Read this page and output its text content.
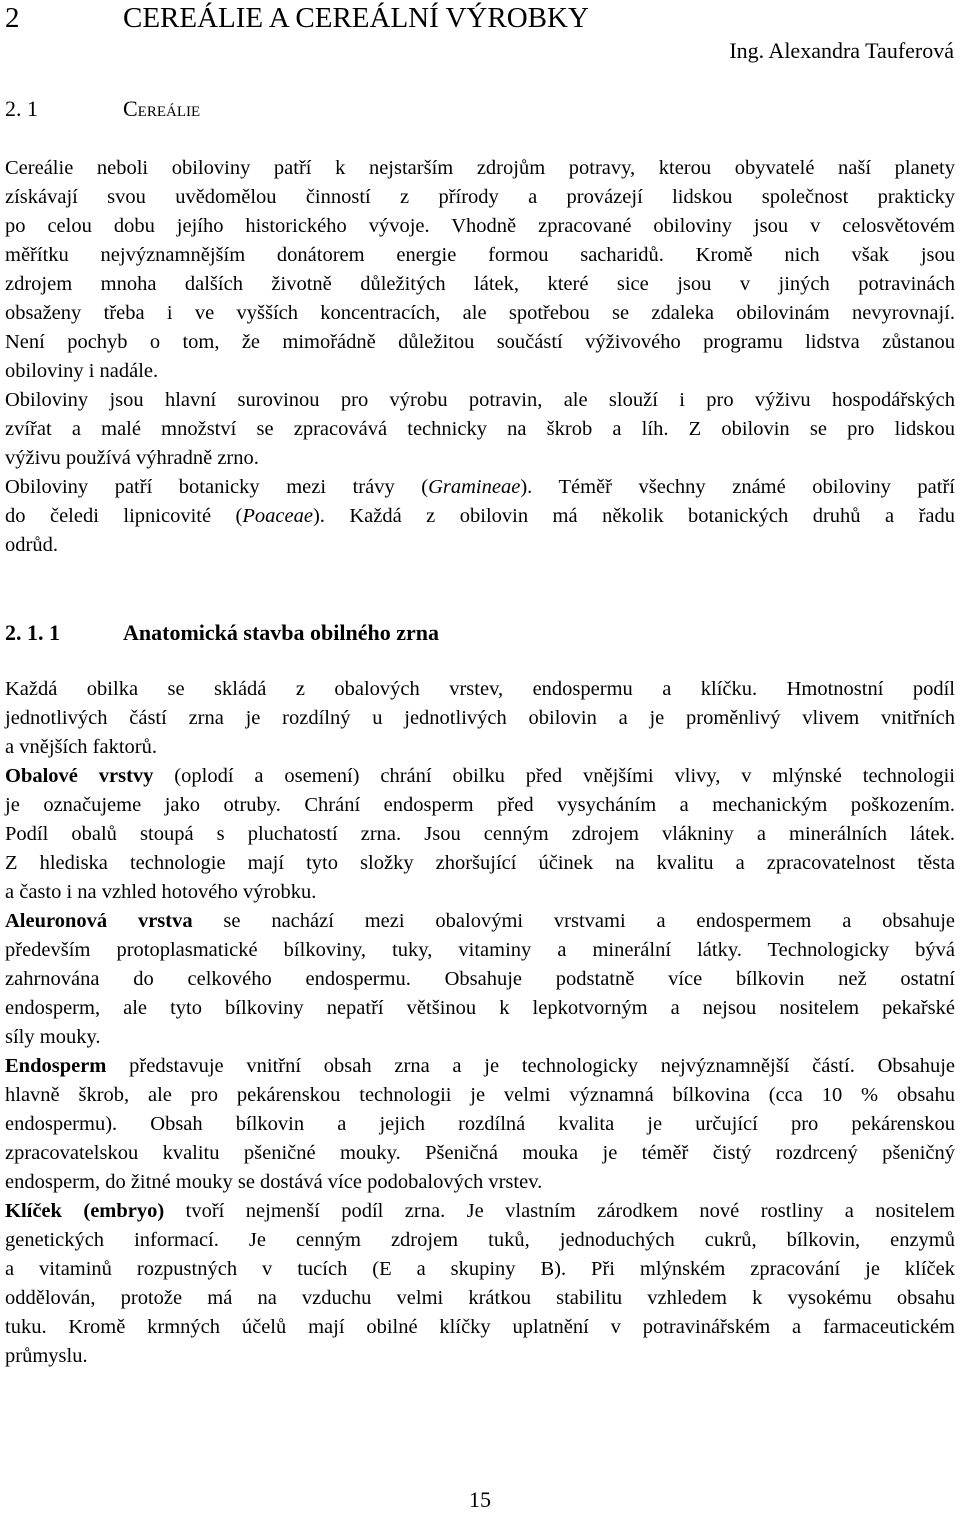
2	CEREÁLIE A CEREÁLNÍ VÝROBKY
Ing. Alexandra Tauferová
2. 1	Cereálie
Cereálie neboli obiloviny patří k nejstarším zdrojům potravy, kterou obyvatelé naší planety
získávají svou uvědomělou činností z přírody a provázejí lidskou společnost prakticky
po celou dobu jejího historického vývoje. Vhodně zpracované obiloviny jsou v celosvětovém
měřítku nejvýznamnějším donátorem energie formou sacharidů. Kromě nich však jsou
zdrojem mnoha dalších životně důležitých látek, které sice jsou v jiných potravinách
obsaženy třeba i ve vyšších koncentracích, ale spotřebou se zdaleka obilovinám nevyrovnají.
Není pochyb o tom, že mimořádně důležitou součástí výživového programu lidstva zůstanou
obiloviny i nadále.
Obiloviny jsou hlavní surovinou pro výrobu potravin, ale slouží i pro výživu hospodářských
zvířat a malé množství se zpracovává technicky na škrob a líh. Z obilovin se pro lidskou
výživu používá výhradně zrno.
Obiloviny patří botanicky mezi trávy (Gramineae). Téměř všechny známé obiloviny patří
do čeledi lipnicovité (Poaceae). Každá z obilovin má několik botanických druhů a řadu
odrůd.
2. 1. 1	Anatomická stavba obilného zrna
Každá obilka se skládá z obalových vrstev, endospermu a klíčku. Hmotnostní podíl
jednotlivých částí zrna je rozdílný u jednotlivých obilovin a je proměnlivý vlivem vnitřních
a vnějších faktorů.
Obalové vrstvy (oplodí a osemení) chrání obilku před vnějšími vlivy, v mlýnské technologii
je označujeme jako otruby. Chrání endosperm před vysycháním a mechanickým poškozením.
Podíl obalů stoupá s pluchatostí zrna. Jsou cenným zdrojem vlákniny a minerálních látek.
Z hlediska technologie mají tyto složky zhoršující účinek na kvalitu a zpracovatelnost těsta
a často i na vzhled hotového výrobku.
Aleuronová vrstva se nachází mezi obalovými vrstvami a endospermem a obsahuje
především protoplasmatické bílkoviny, tuky, vitaminy a minerální látky. Technologicky bývá
zahrnována do celkového endospermu. Obsahuje podstatně více bílkovin než ostatní
endosperm, ale tyto bílkoviny nepatří většinou k lepkotvorným a nejsou nositelem pekařské
síly mouky.
Endosperm představuje vnitřní obsah zrna a je technologicky nejvýznamnější částí. Obsahuje
hlavně škrob, ale pro pekárenskou technologii je velmi významná bílkovina (cca 10 % obsahu
endospermu). Obsah bílkovin a jejich rozdílná kvalita je určující pro pekárenskou
zpracovatelskou kvalitu pšeničné mouky. Pšeničná mouka je téměř čistý rozdrcený pšeničný
endosperm, do žitné mouky se dostává více podobalových vrstev.
Klíček (embryo) tvoří nejmenší podíl zrna. Je vlastním zárodkem nové rostliny a nositelem
genetických informací. Je cenným zdrojem tuků, jednoduchých cukrů, bílkovin, enzymů
a vitaminů rozpustných v tucích (E a skupiny B). Při mlýnském zpracování je klíček
oddělován, protože má na vzduchu velmi krátkou stabilitu vzhledem k vysokému obsahu
tuku. Kromě krmných účelů mají obilné klíčky uplatnění v potravinářském a farmaceutickém
průmyslu.
15
